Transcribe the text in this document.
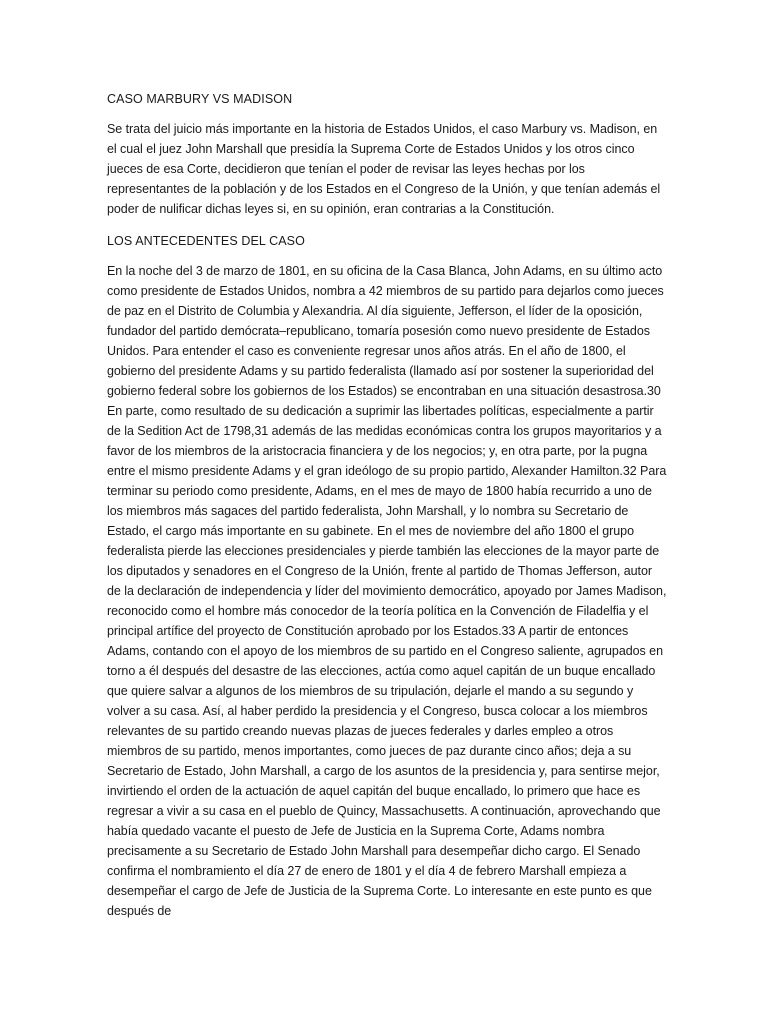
CASO MARBURY VS MADISON

Se trata del juicio más importante en la historia de Estados Unidos, el caso Marbury vs. Madison, en el cual el juez John Marshall que presidía la Suprema Corte de Estados Unidos y los otros cinco jueces de esa Corte, decidieron que tenían el poder de revisar las leyes hechas por los representantes de la población y de los Estados en el Congreso de la Unión, y que tenían además el poder de nulificar dichas leyes si, en su opinión, eran contrarias a la Constitución.

LOS ANTECEDENTES DEL CASO

En la noche del 3 de marzo de 1801, en su oficina de la Casa Blanca, John Adams, en su último acto como presidente de Estados Unidos, nombra a 42 miembros de su partido para dejarlos como jueces de paz en el Distrito de Columbia y Alexandria. Al día siguiente, Jefferson, el líder de la oposición, fundador del partido demócrata–republicano, tomaría posesión como nuevo presidente de Estados Unidos. Para entender el caso es conveniente regresar unos años atrás. En el año de 1800, el gobierno del presidente Adams y su partido federalista (llamado así por sostener la superioridad del gobierno federal sobre los gobiernos de los Estados) se encontraban en una situación desastrosa.30 En parte, como resultado de su dedicación a suprimir las libertades políticas, especialmente a partir de la Sedition Act de 1798,31 además de las medidas económicas contra los grupos mayoritarios y a favor de los miembros de la aristocracia financiera y de los negocios; y, en otra parte, por la pugna entre el mismo presidente Adams y el gran ideólogo de su propio partido, Alexander Hamilton.32 Para terminar su periodo como presidente, Adams, en el mes de mayo de 1800 había recurrido a uno de los miembros más sagaces del partido federalista, John Marshall, y lo nombra su Secretario de Estado, el cargo más importante en su gabinete. En el mes de noviembre del año 1800 el grupo federalista pierde las elecciones presidenciales y pierde también las elecciones de la mayor parte de los diputados y senadores en el Congreso de la Unión, frente al partido de Thomas Jefferson, autor de la declaración de independencia y líder del movimiento democrático, apoyado por James Madison, reconocido como el hombre más conocedor de la teoría política en la Convención de Filadelfia y el principal artífice del proyecto de Constitución aprobado por los Estados.33 A partir de entonces Adams, contando con el apoyo de los miembros de su partido en el Congreso saliente, agrupados en torno a él después del desastre de las elecciones, actúa como aquel capitán de un buque encallado que quiere salvar a algunos de los miembros de su tripulación, dejarle el mando a su segundo y volver a su casa. Así, al haber perdido la presidencia y el Congreso, busca colocar a los miembros relevantes de su partido creando nuevas plazas de jueces federales y darles empleo a otros miembros de su partido, menos importantes, como jueces de paz durante cinco años; deja a su Secretario de Estado, John Marshall, a cargo de los asuntos de la presidencia y, para sentirse mejor, invirtiendo el orden de la actuación de aquel capitán del buque encallado, lo primero que hace es regresar a vivir a su casa en el pueblo de Quincy, Massachusetts. A continuación, aprovechando que había quedado vacante el puesto de Jefe de Justicia en la Suprema Corte, Adams nombra precisamente a su Secretario de Estado John Marshall para desempeñar dicho cargo. El Senado confirma el nombramiento el día 27 de enero de 1801 y el día 4 de febrero Marshall empieza a desempeñar el cargo de Jefe de Justicia de la Suprema Corte. Lo interesante en este punto es que después de
